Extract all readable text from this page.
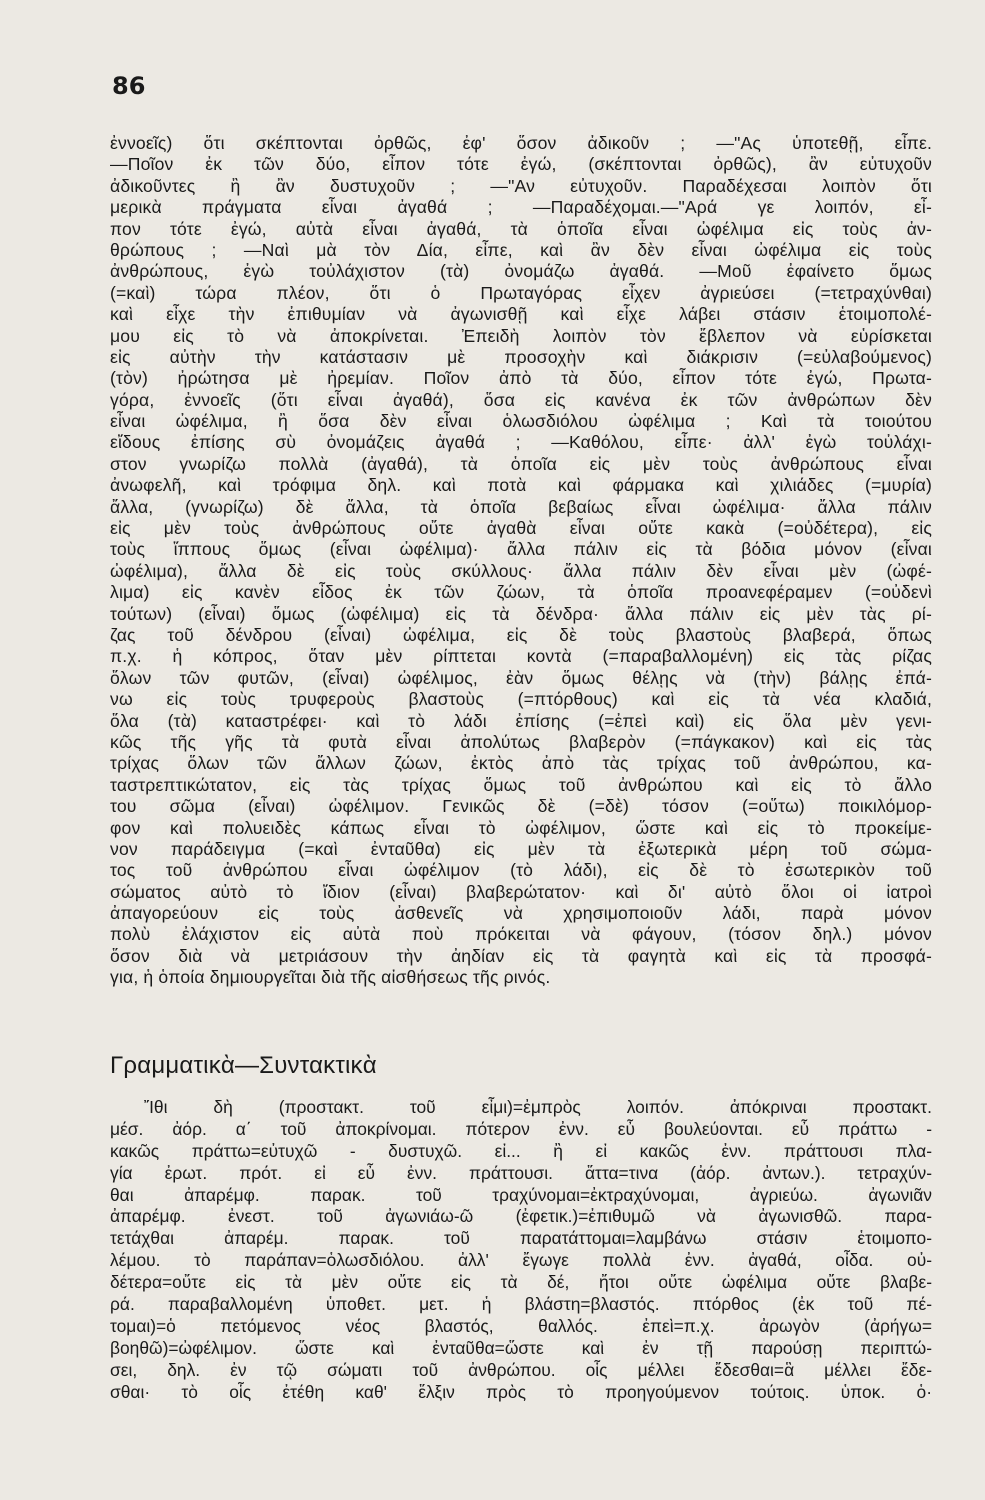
86
ἐννοεῖς) ὅτι σκέπτονται ὀρθῶς, ἐφ' ὅσον ἀδικοῦν ; —"Ας ὑποτεθῇ, εἶπε.
—Ποῖον ἐκ τῶν δύο, εἶπον τότε ἐγώ, (σκέπτονται ὀρθῶς), ἂν εὐτυχοῦν
ἀδικοῦντες ἢ ἂν δυστυχοῦν ; —"Αν εὐτυχοῦν. Παραδέχεσαι λοιπὸν ὅτι
μερικὰ πράγματα εἶναι ἀγαθά ; —Παραδέχομαι.—"Αρά γε λοιπόν, εἶ-
πον τότε ἐγώ, αὐτὰ εἶναι ἀγαθά, τὰ ὁποῖα εἶναι ὠφέλιμα εἰς τοὺς ἀν-
θρώπους ; —Ναὶ μὰ τὸν Δία, εἶπε, καὶ ἂν δὲν εἶναι ὠφέλιμα εἰς τοὺς
ἀνθρώπους, ἐγὼ τοὐλάχιστον (τὰ) ὀνομάζω ἀγαθά. —Μοῦ ἐφαίνετο ὅμως
(=καὶ) τώρα πλέον, ὅτι ὁ Πρωταγόρας εἶχεν ἀγριεύσει (=τετραχύνθαι)
καὶ εἶχε τὴν ἐπιθυμίαν νὰ ἀγωνισθῇ καὶ εἶχε λάβει στάσιν ἑτοιμοπολέ-
μου εἰς τὸ νὰ ἀποκρίνεται. Ἐπειδὴ λοιπὸν τὸν ἔβλεπον νὰ εὑρίσκεται
εἰς αὐτὴν τὴν κατάστασιν μὲ προσοχὴν καὶ διάκρισιν (=εὐλαβούμενος)
(τὸν) ἠρώτησα μὲ ἠρεμίαν. Ποῖον ἀπὸ τὰ δύο, εἶπον τότε ἐγώ, Πρωτα-
γόρα, ἐννοεῖς (ὅτι εἶναι ἀγαθά), ὅσα εἰς κανένα ἐκ τῶν ἀνθρώπων δὲν
εἶναι ὠφέλιμα, ἢ ὅσα δὲν εἶναι ὁλωσδιόλου ὠφέλιμα ; Καὶ τὰ τοιούτου
εἴδους ἐπίσης σὺ ὀνομάζεις ἀγαθά ; —Καθόλου, εἶπε· ἀλλ' ἐγὼ τοὐλάχι-
στον γνωρίζω πολλὰ (ἀγαθά), τὰ ὁποῖα εἰς μὲν τοὺς ἀνθρώπους εἶναι
ἀνωφελῆ, καὶ τρόφιμα δηλ. καὶ ποτὰ καὶ φάρμακα καὶ χιλιάδες (=μυρία)
ἄλλα, (γνωρίζω) δὲ ἄλλα, τὰ ὁποῖα βεβαίως εἶναι ὠφέλιμα· ἄλλα πάλιν
εἰς μὲν τοὺς ἀνθρώπους οὔτε ἀγαθὰ εἶναι οὔτε κακὰ (=οὐδέτερα), εἰς
τοὺς ἵππους ὅμως (εἶναι ὠφέλιμα)· ἄλλα πάλιν εἰς τὰ βόδια μόνον (εἶναι
ὠφέλιμα), ἄλλα δὲ εἰς τοὺς σκύλλους· ἄλλα πάλιν δὲν εἶναι μὲν (ὠφέ-
λιμα) εἰς κανὲν εἶδος ἐκ τῶν ζώων, τὰ ὁποῖα προανεφέραμεν (=οὐδενὶ
τούτων) (εἶναι) ὅμως (ὠφέλιμα) εἰς τὰ δένδρα· ἄλλα πάλιν εἰς μὲν τὰς ρί-
ζας τοῦ δένδρου (εἶναι) ὠφέλιμα, εἰς δὲ τοὺς βλαστοὺς βλαβερά, ὅπως
π.χ. ἡ κόπρος, ὅταν μὲν ρίπτεται κοντὰ (=παραβαλλομένη) εἰς τὰς ρίζας
ὅλων τῶν φυτῶν, (εἶναι) ὠφέλιμος, ἐὰν ὅμως θέλῃς νὰ (τὴν) βάλῃς ἐπά-
νω εἰς τοὺς τρυφεροὺς βλαστοὺς (=πτόρθους) καὶ εἰς τὰ νέα κλαδιά,
ὅλα (τὰ) καταστρέφει· καὶ τὸ λάδι ἐπίσης (=ἐπεὶ καὶ) εἰς ὅλα μὲν γενι-
κῶς τῆς γῆς τὰ φυτὰ εἶναι ἀπολύτως βλαβερὸν (=πάγκακον) καὶ εἰς τὰς
τρίχας ὅλων τῶν ἄλλων ζώων, ἐκτὸς ἀπὸ τὰς τρίχας τοῦ ἀνθρώπου, κα-
ταστρεπτικώτατον, εἰς τὰς τρίχας ὅμως τοῦ ἀνθρώπου καὶ εἰς τὸ ἄλλο
του σῶμα (εἶναι) ὠφέλιμον. Γενικῶς δὲ (=δὲ) τόσον (=οὕτω) ποικιλόμορ-
φον καὶ πολυειδὲς κάπως εἶναι τὸ ὠφέλιμον, ὥστε καὶ εἰς τὸ προκείμε-
νον παράδειγμα (=καὶ ἐνταῦθα) εἰς μὲν τὰ ἐξωτερικὰ μέρη τοῦ σώμα-
τος τοῦ ἀνθρώπου εἶναι ὠφέλιμον (τὸ λάδι), εἰς δὲ τὸ ἐσωτερικὸν τοῦ
σώματος αὐτὸ τὸ ἴδιον (εἶναι) βλαβερώτατον· καὶ δι' αὐτὸ ὅλοι οἱ ἰατροὶ
ἀπαγορεύουν εἰς τοὺς ἀσθενεῖς νὰ χρησιμοποιοῦν λάδι, παρὰ μόνον
πολὺ ἐλάχιστον εἰς αὐτὰ ποὺ πρόκειται νὰ φάγουν, (τόσον δηλ.) μόνον
ὅσον διὰ νὰ μετριάσουν τὴν ἀηδίαν εἰς τὰ φαγητὰ καὶ εἰς τὰ προσφά-
για, ἡ ὁποία δημιουργεῖται διὰ τῆς αἰσθήσεως τῆς ρινός.
Γραμματικὰ—Συντακτικὰ
Ἴθι δὴ (προστακτ. τοῦ εἶμι)=ἐμπρὸς λοιπόν. ἀπόκριναι προστακτ.
μέσ. ἀόρ. α΄ τοῦ ἀποκρίνομαι. πότερον ἐνν. εὖ βουλεύονται. εὖ πράττω -
κακῶς πράττω=εὐτυχῶ - δυστυχῶ. εἰ... ἢ εἰ κακῶς ἐνν. πράττουσι πλα-
γία ἐρωτ. πρότ. εἰ εὖ ἐνν. πράττουσι. ἅττα=τινα (ἀόρ. ἀντων.). τετραχύν-
θαι ἀπαρέμφ. παρακ. τοῦ τραχύνομαι=ἐκτραχύνομαι, ἀγριεύω. ἀγωνιᾶν
ἀπαρέμφ. ἐνεστ. τοῦ ἀγωνιάω-ῶ (ἐφετικ.)=ἐπιθυμῶ νὰ ἀγωνισθῶ. παρα-
τετάχθαι ἀπαρέμ. παρακ. τοῦ παρατάττομαι=λαμβάνω στάσιν ἑτοιμοπο-
λέμου. τὸ παράπαν=ὁλωσδιόλου. ἀλλ' ἔγωγε πολλὰ ἐνν. ἀγαθά, οἶδα. οὐ-
δέτερα=οὔτε εἰς τὰ μὲν οὔτε εἰς τὰ δέ, ἤτοι οὔτε ὠφέλιμα οὔτε βλαβε-
ρά. παραβαλλομένη ὑποθετ. μετ. ἡ βλάστη=βλαστός. πτόρθος (ἐκ τοῦ πέ-
τομαι)=ὁ πετόμενος νέος βλαστός, θαλλός. ἐπεὶ=π.χ. ἀρωγὸν (ἀρήγω=
βοηθῶ)=ὠφέλιμον. ὥστε καὶ ἐνταῦθα=ὥστε καὶ ἐν τῇ παρούσῃ περιπτώ-
σει, δηλ. ἐν τῷ σώματι τοῦ ἀνθρώπου. οἷς μέλλει ἔδεσθαι=ἃ μέλλει ἔδε-
σθαι· τὸ οἷς ἐτέθη καθ' ἕλξιν πρὸς τὸ προηγούμενον τούτοις. ὑποκ. ὁ·
